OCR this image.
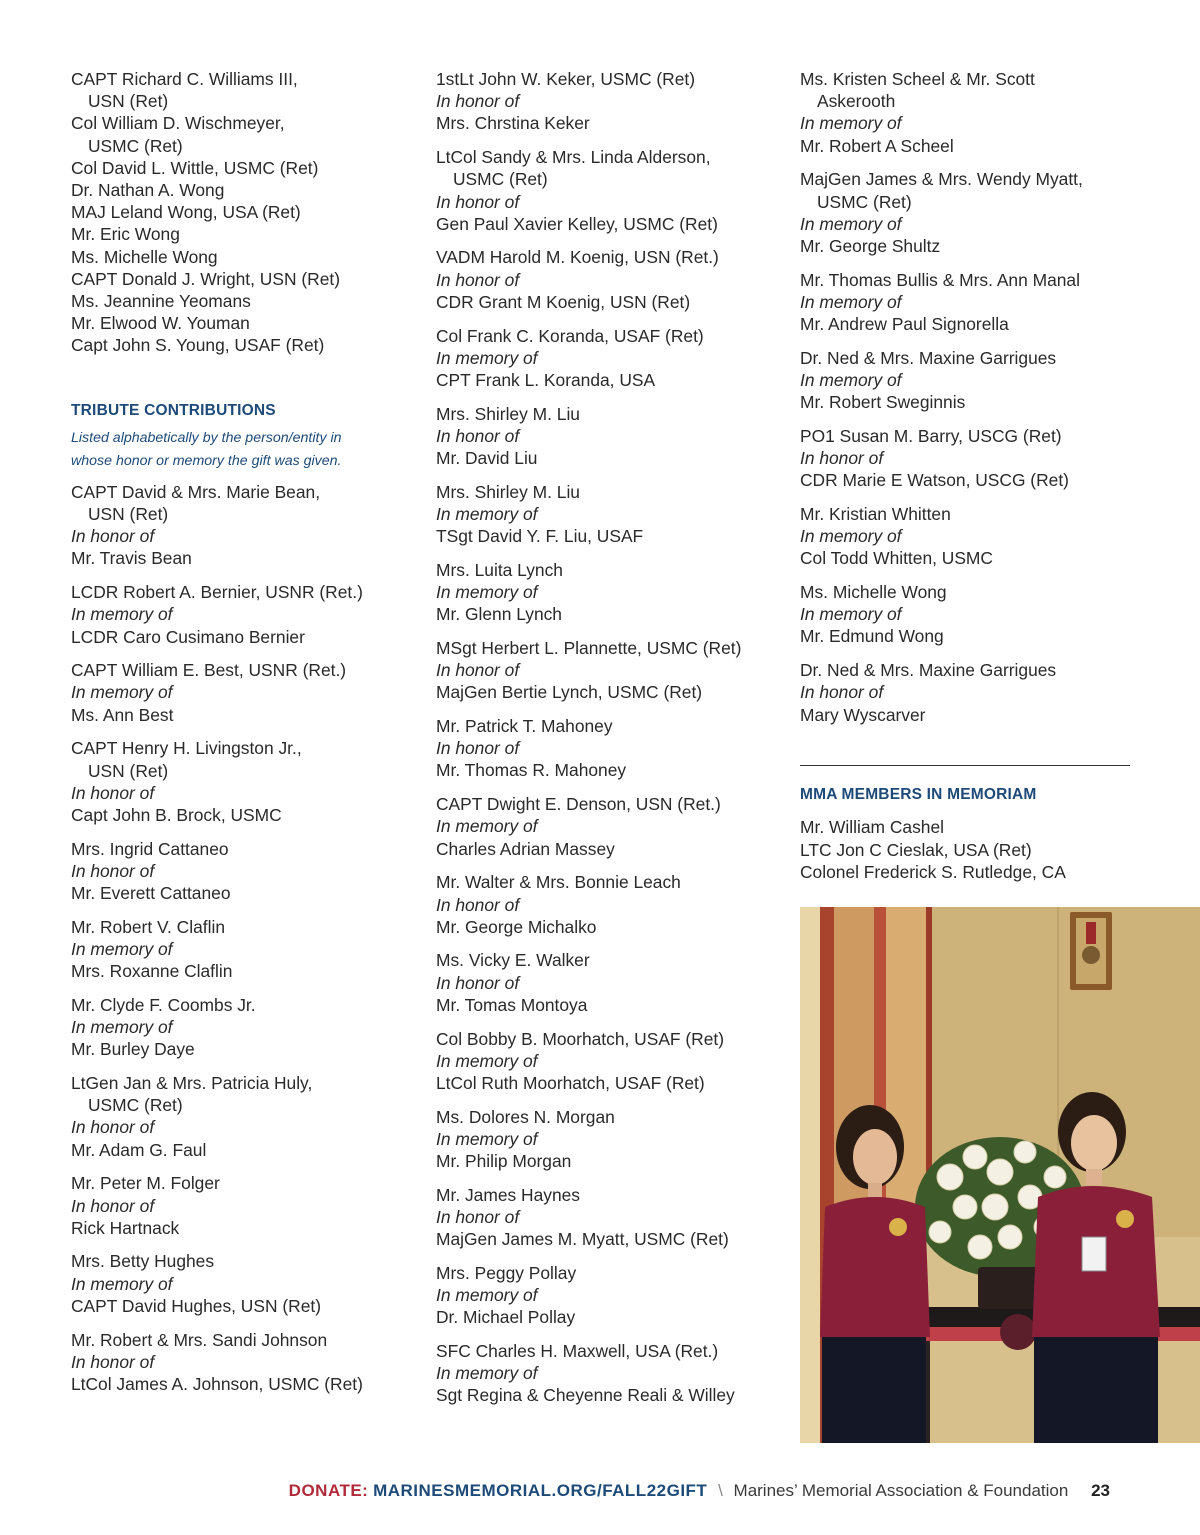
CAPT Richard C. Williams III,
USN (Ret)
Col William D. Wischmeyer,
USMC (Ret)
Col David L. Wittle, USMC (Ret)
Dr. Nathan A. Wong
MAJ Leland Wong, USA (Ret)
Mr. Eric Wong
Ms. Michelle Wong
CAPT Donald J. Wright, USN (Ret)
Ms. Jeannine Yeomans
Mr. Elwood W. Youman
Capt John S. Young, USAF (Ret)
TRIBUTE CONTRIBUTIONS
Listed alphabetically by the person/entity in
whose honor or memory the gift was given.
CAPT David & Mrs. Marie Bean,
USN (Ret)
In honor of
Mr. Travis Bean
LCDR Robert A. Bernier, USNR (Ret.)
In memory of
LCDR Caro Cusimano Bernier
CAPT William E. Best, USNR (Ret.)
In memory of
Ms. Ann Best
CAPT Henry H. Livingston Jr.,
USN (Ret)
In honor of
Capt John B. Brock, USMC
Mrs. Ingrid Cattaneo
In honor of
Mr. Everett Cattaneo
Mr. Robert V. Claflin
In memory of
Mrs. Roxanne Claflin
Mr. Clyde F. Coombs Jr.
In memory of
Mr. Burley Daye
LtGen Jan & Mrs. Patricia Huly,
USMC (Ret)
In honor of
Mr. Adam G. Faul
Mr. Peter M. Folger
In honor of
Rick Hartnack
Mrs. Betty Hughes
In memory of
CAPT David Hughes, USN (Ret)
Mr. Robert & Mrs. Sandi Johnson
In honor of
LtCol James A. Johnson, USMC (Ret)
1stLt John W. Keker, USMC (Ret)
In honor of
Mrs. Chrstina Keker
LtCol Sandy & Mrs. Linda Alderson,
USMC (Ret)
In honor of
Gen Paul Xavier Kelley, USMC (Ret)
VADM Harold M. Koenig, USN (Ret.)
In honor of
CDR Grant M Koenig, USN (Ret)
Col Frank C. Koranda, USAF (Ret)
In memory of
CPT Frank L. Koranda, USA
Mrs. Shirley M. Liu
In honor of
Mr. David Liu
Mrs. Shirley M. Liu
In memory of
TSgt David Y. F. Liu, USAF
Mrs. Luita Lynch
In memory of
Mr. Glenn Lynch
MSgt Herbert L. Plannette, USMC (Ret)
In honor of
MajGen Bertie Lynch, USMC (Ret)
Mr. Patrick T. Mahoney
In honor of
Mr. Thomas R. Mahoney
CAPT Dwight E. Denson, USN (Ret.)
In memory of
Charles Adrian Massey
Mr. Walter & Mrs. Bonnie Leach
In honor of
Mr. George Michalko
Ms. Vicky E. Walker
In honor of
Mr. Tomas Montoya
Col Bobby B. Moorhatch, USAF (Ret)
In memory of
LtCol Ruth Moorhatch, USAF (Ret)
Ms. Dolores N. Morgan
In memory of
Mr. Philip Morgan
Mr. James Haynes
In honor of
MajGen James M. Myatt, USMC (Ret)
Mrs. Peggy Pollay
In memory of
Dr. Michael Pollay
SFC Charles H. Maxwell, USA (Ret.)
In memory of
Sgt Regina & Cheyenne Reali & Willey
Ms. Kristen Scheel & Mr. Scott
Askerooth
In memory of
Mr. Robert A Scheel
MajGen James & Mrs. Wendy Myatt,
USMC (Ret)
In memory of
Mr. George Shultz
Mr. Thomas Bullis & Mrs. Ann Manal
In memory of
Mr. Andrew Paul Signorella
Dr. Ned & Mrs. Maxine Garrigues
In memory of
Mr. Robert Sweginnis
PO1 Susan M. Barry, USCG (Ret)
In honor of
CDR Marie E Watson, USCG (Ret)
Mr. Kristian Whitten
In memory of
Col Todd Whitten, USMC
Ms. Michelle Wong
In memory of
Mr. Edmund Wong
Dr. Ned & Mrs. Maxine Garrigues
In honor of
Mary Wyscarver
MMA MEMBERS IN MEMORIAM
Mr. William Cashel
LTC Jon C Cieslak, USA (Ret)
Colonel Frederick S. Rutledge, CA
DONATE: MARINESMEMORIAL.ORG/FALL22GIFT \ Marines’ Memorial Association & Foundation 23
